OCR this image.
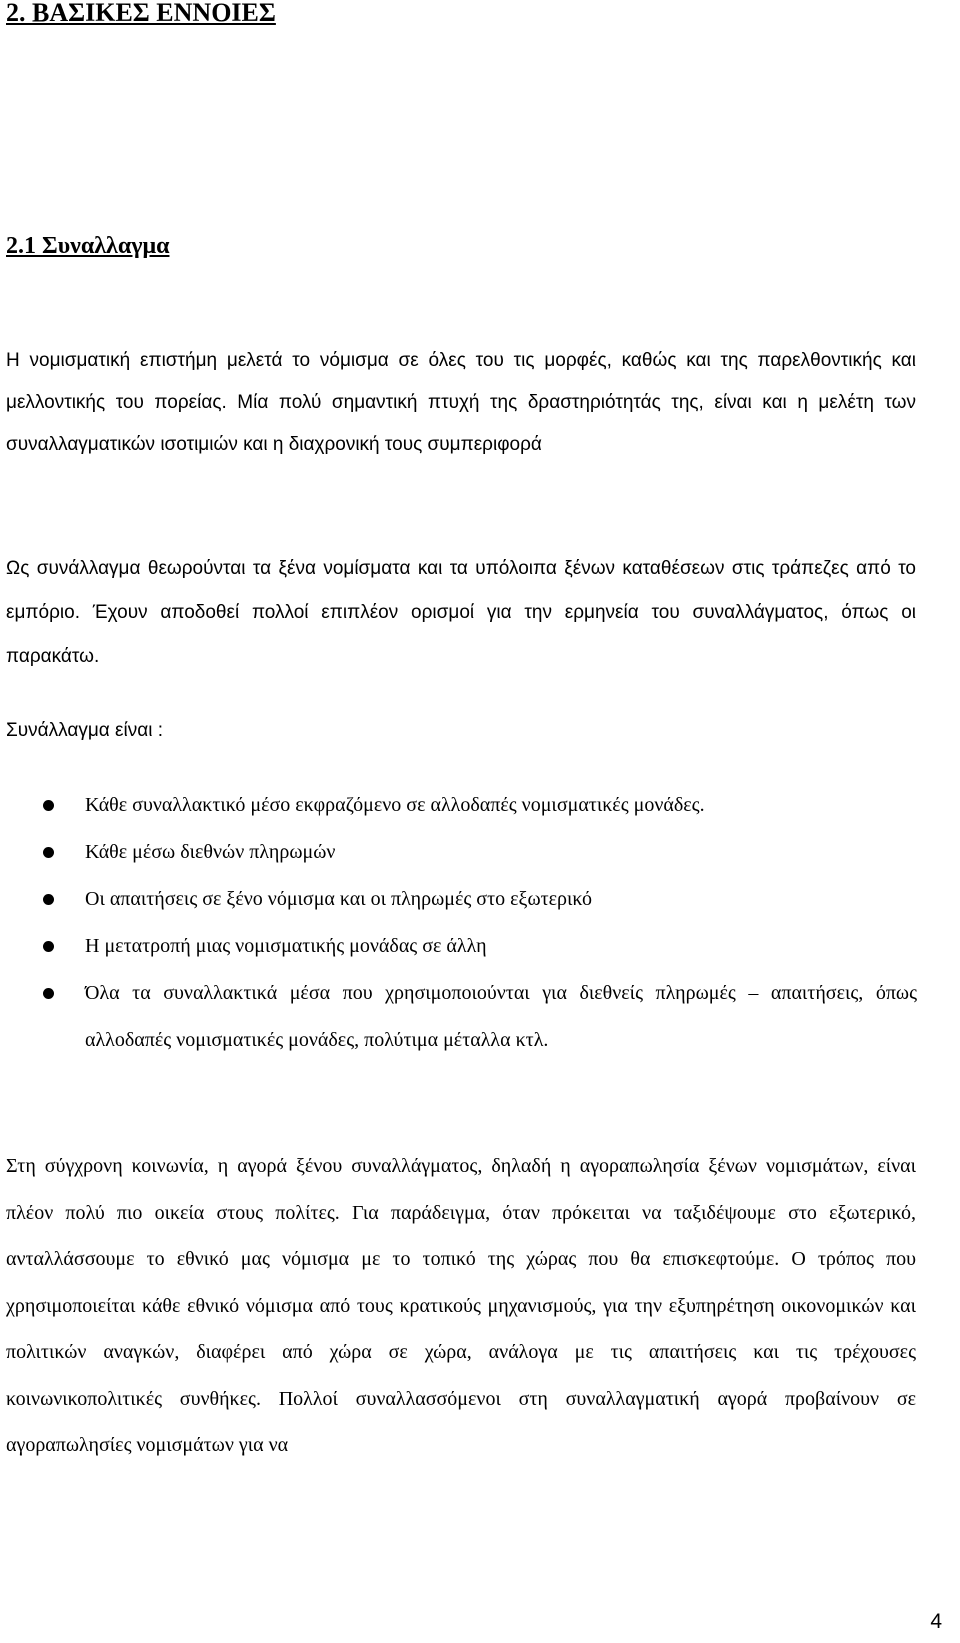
2. ΒΑΣΙΚΕΣ ΕΝΝΟΙΕΣ
2.1 Συναλλαγμα

Η νομισματική επιστήμη μελετά το νόμισμα σε όλες του τις μορφές, καθώς και της παρελθοντικής και μελλοντικής του πορείας. Μία πολύ σημαντική πτυχή της δραστηριότητάς της, είναι και η μελέτη των συναλλαγματικών ισοτιμιών και η διαχρονική τους συμπεριφορά

Ως συνάλλαγμα θεωρούνται τα ξένα νομίσματα και τα υπόλοιπα ξένων καταθέσεων στις τράπεζες από το εμπόριο. Έχουν αποδοθεί πολλοί επιπλέον ορισμοί για την ερμηνεία του συναλλάγματος, όπως οι παρακάτω.

Συνάλλαγμα είναι :

Κάθε συναλλακτικό μέσο εκφραζόμενο σε αλλοδαπές νομισματικές μονάδες.
Κάθε μέσω διεθνών πληρωμών
Οι απαιτήσεις σε ξένο νόμισμα και οι πληρωμές στο εξωτερικό
Η μετατροπή μιας νομισματικής μονάδας σε άλλη
Όλα τα συναλλακτικά μέσα που χρησιμοποιούνται για διεθνείς πληρωμές – απαιτήσεις, όπως αλλοδαπές νομισματικές μονάδες, πολύτιμα μέταλλα κτλ.

Στη σύγχρονη κοινωνία, η αγορά ξένου συναλλάγματος, δηλαδή η αγοραπωλησία ξένων νομισμάτων, είναι πλέον πολύ πιο οικεία στους πολίτες. Για παράδειγμα, όταν πρόκειται να ταξιδέψουμε στο εξωτερικό, ανταλλάσσουμε το εθνικό μας νόμισμα με το τοπικό της χώρας που θα επισκεφτούμε. Ο τρόπος που χρησιμοποιείται κάθε εθνικό νόμισμα από τους κρατικούς μηχανισμούς, για την εξυπηρέτηση οικονομικών και πολιτικών αναγκών, διαφέρει από χώρα σε χώρα, ανάλογα με τις απαιτήσεις και τις τρέχουσες κοινωνικοπολιτικές συνθήκες. Πολλοί συναλλασσόμενοι στη συναλλαγματική αγορά προβαίνουν σε αγοραπωλησίες νομισμάτων για να

4
